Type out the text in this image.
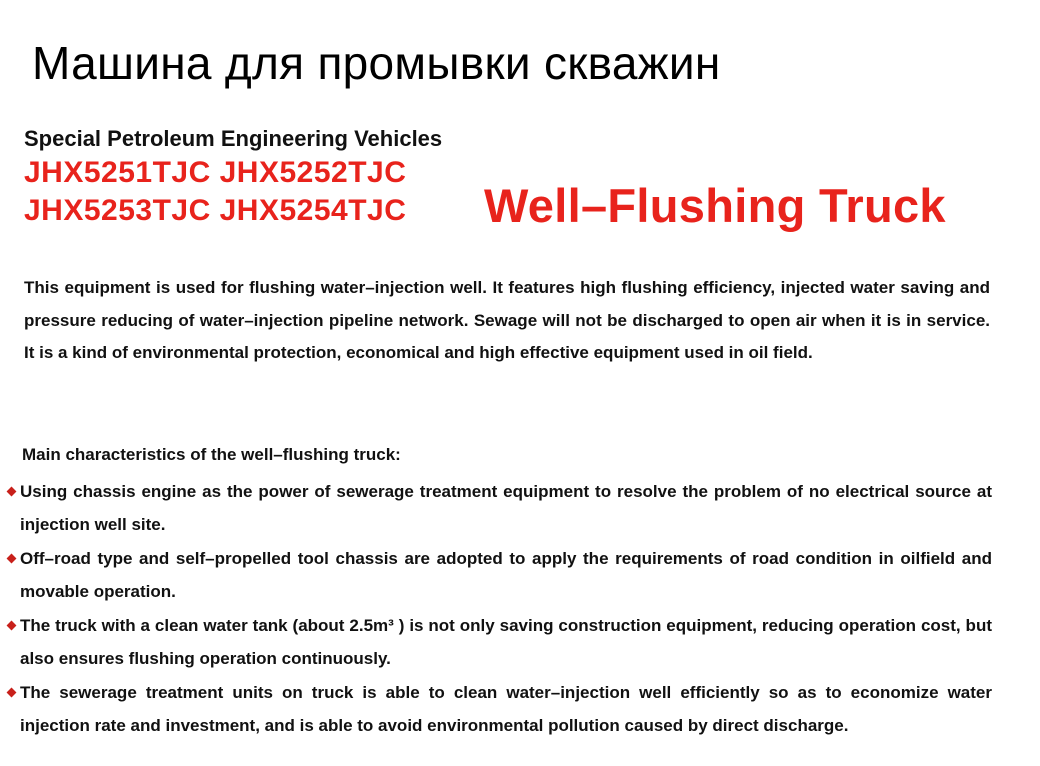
Машина для промывки скважин
Special Petroleum Engineering Vehicles
JHX5251TJC JHX5252TJC
JHX5253TJC JHX5254TJC Well–Flushing Truck
This equipment is used for flushing water–injection well. It features high flushing efficiency, injected water saving and pressure reducing of water–injection pipeline network. Sewage will not be discharged to open air when it is in service. It is a kind of environmental protection, economical and high effective equipment used in oil field.
Main characteristics of the well–flushing truck:
Using chassis engine as the power of sewerage treatment equipment to resolve the problem of no electrical source at injection well site.
Off–road type and self–propelled tool chassis are adopted to apply the requirements of road condition in oilfield and movable operation.
The truck with a clean water tank (about 2.5m³ ) is not only saving construction equipment, reducing operation cost, but also ensures flushing operation continuously.
The sewerage treatment units on truck is able to clean water–injection well efficiently so as to economize water injection rate and investment, and is able to avoid environmental pollution caused by direct discharge.
